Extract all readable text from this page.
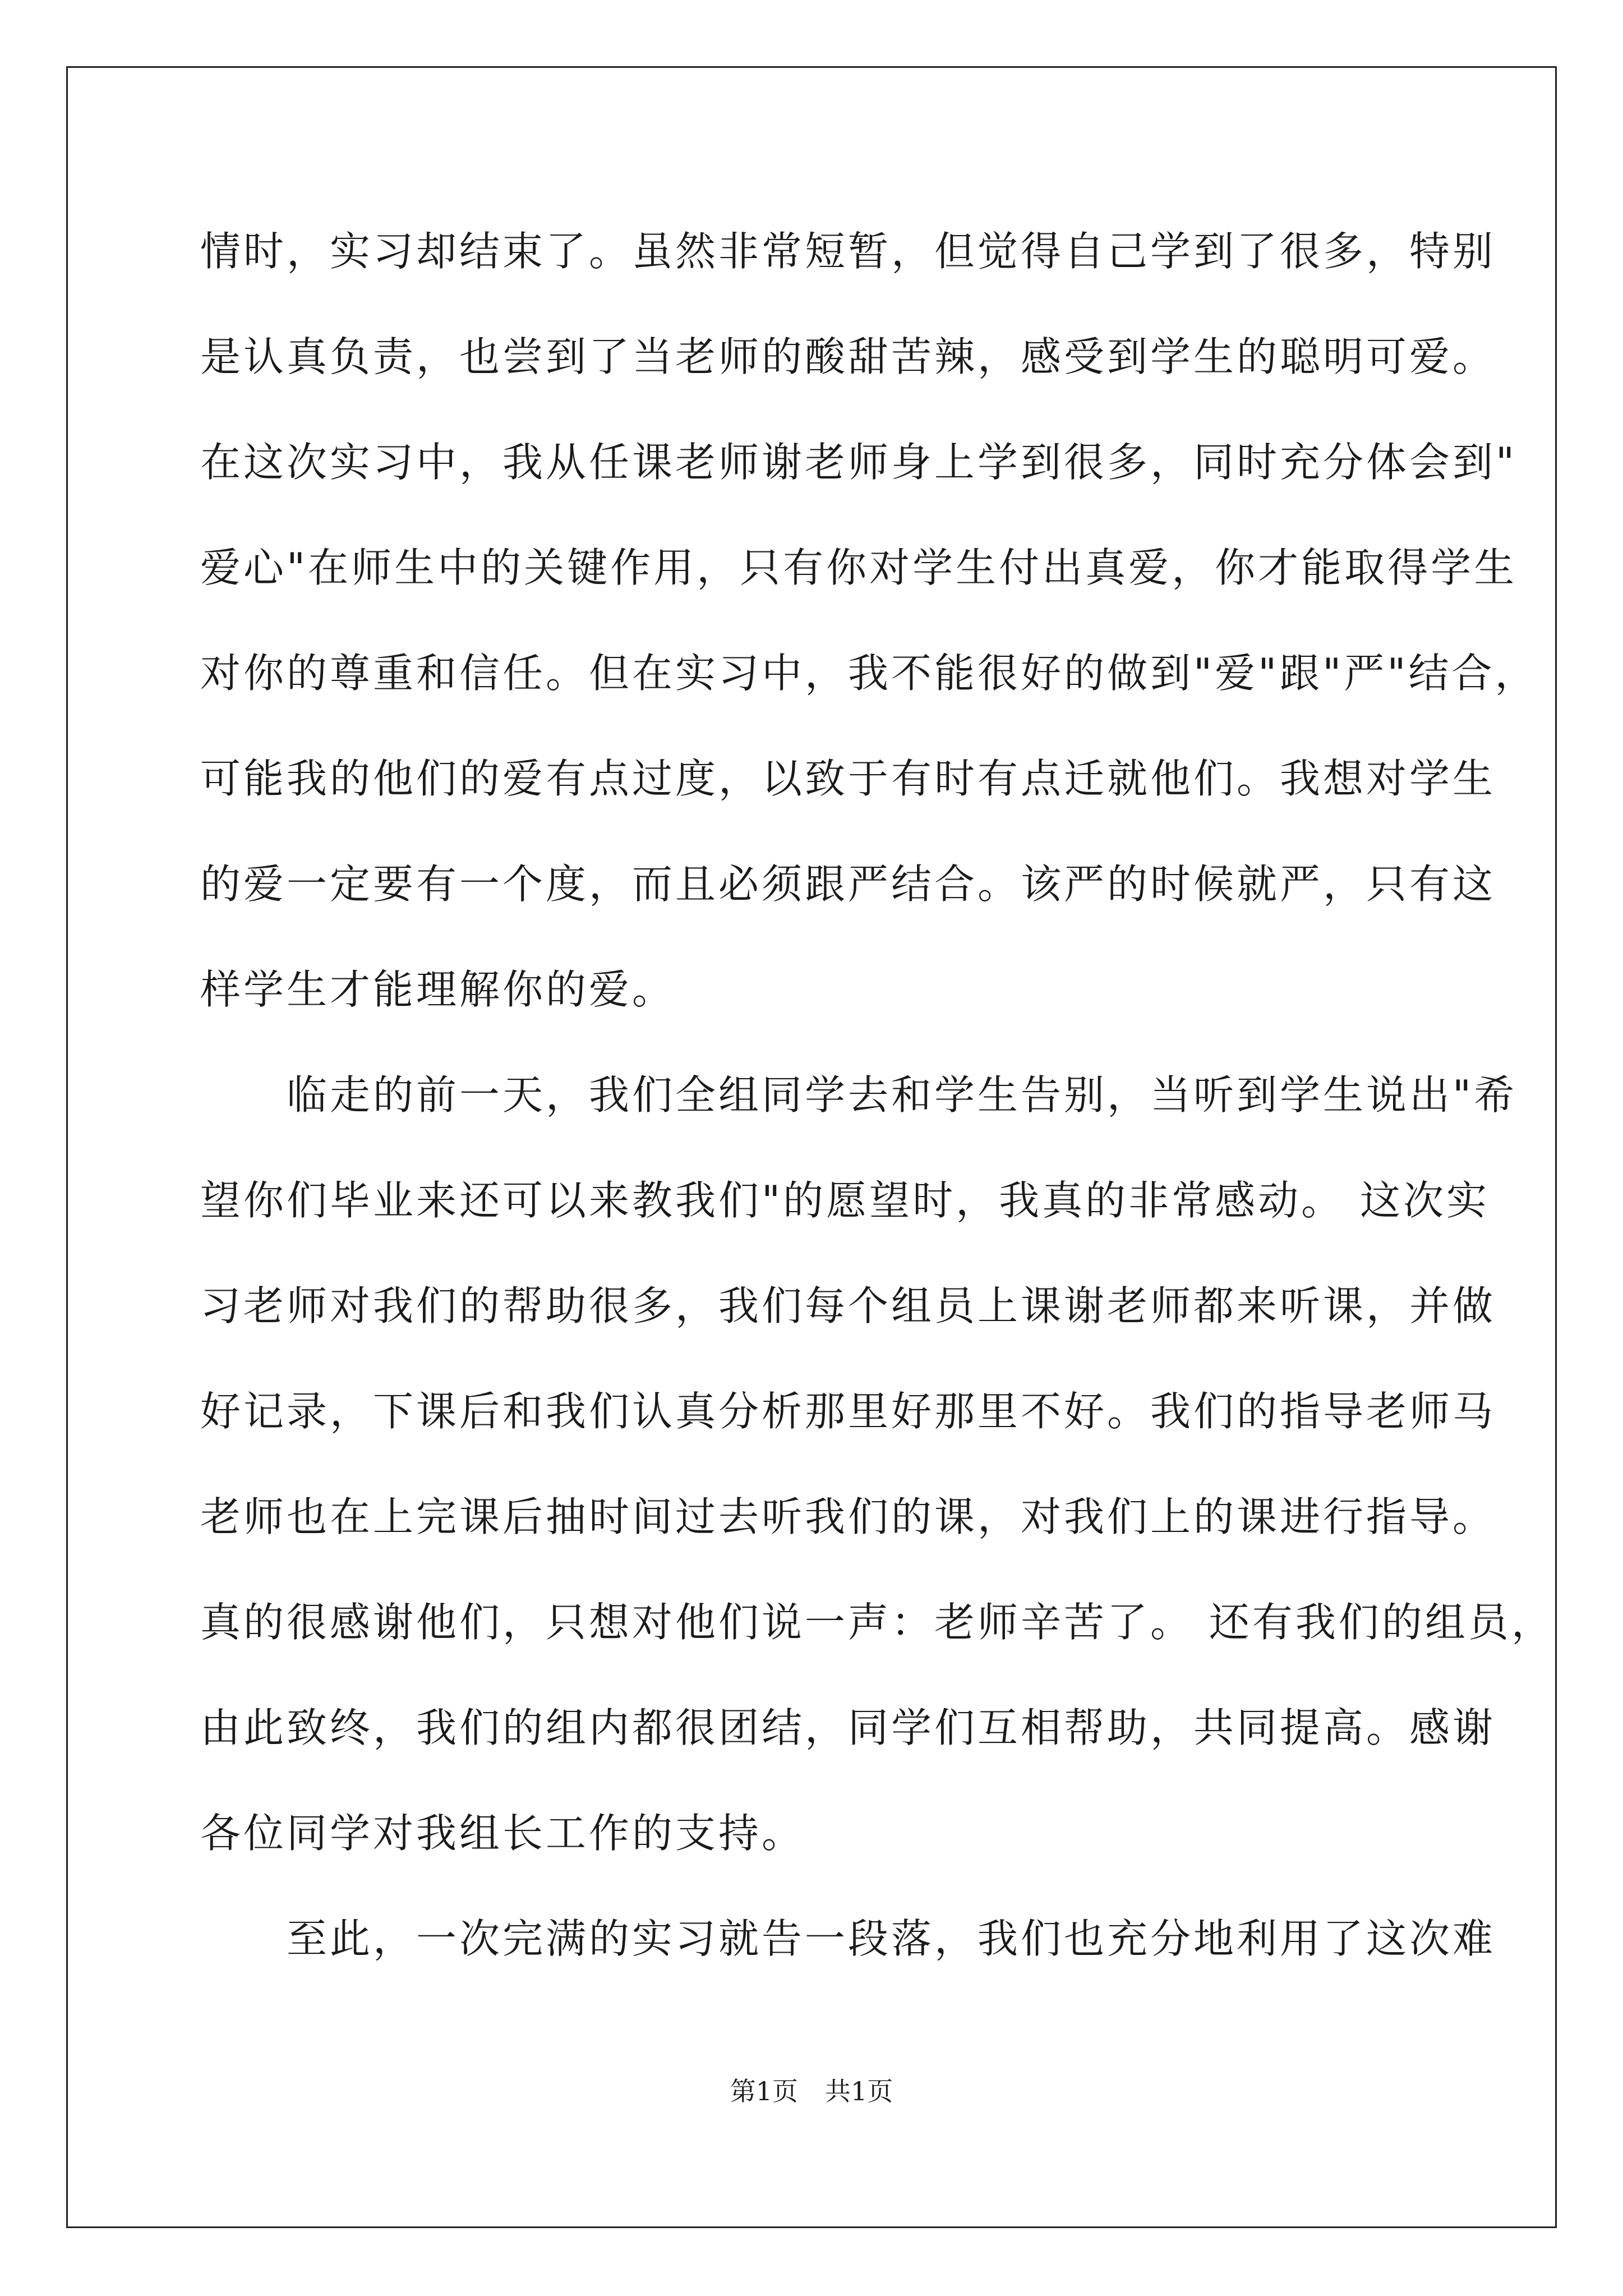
情时，实习却结束了。虽然非常短暂，但觉得自己学到了很多，特别
是认真负责，也尝到了当老师的酸甜苦辣，感受到学生的聪明可爱。
在这次实习中，我从任课老师谢老师身上学到很多，同时充分体会到"
爱心"在师生中的关键作用，只有你对学生付出真爱，你才能取得学生
对你的尊重和信任。但在实习中，我不能很好的做到"爱"跟"严"结合，
可能我的他们的爱有点过度，以致于有时有点迁就他们。我想对学生
的爱一定要有一个度，而且必须跟严结合。该严的时候就严，只有这
样学生才能理解你的爱。
　　临走的前一天，我们全组同学去和学生告别，当听到学生说出"希
望你们毕业来还可以来教我们"的愿望时，我真的非常感动。 这次实
习老师对我们的帮助很多，我们每个组员上课谢老师都来听课，并做
好记录，下课后和我们认真分析那里好那里不好。我们的指导老师马
老师也在上完课后抽时间过去听我们的课，对我们上的课进行指导。
真的很感谢他们，只想对他们说一声：老师辛苦了。 还有我们的组员，
由此致终，我们的组内都很团结，同学们互相帮助，共同提高。感谢
各位同学对我组长工作的支持。
　　至此，一次完满的实习就告一段落，我们也充分地利用了这次难
第1页 共1页
